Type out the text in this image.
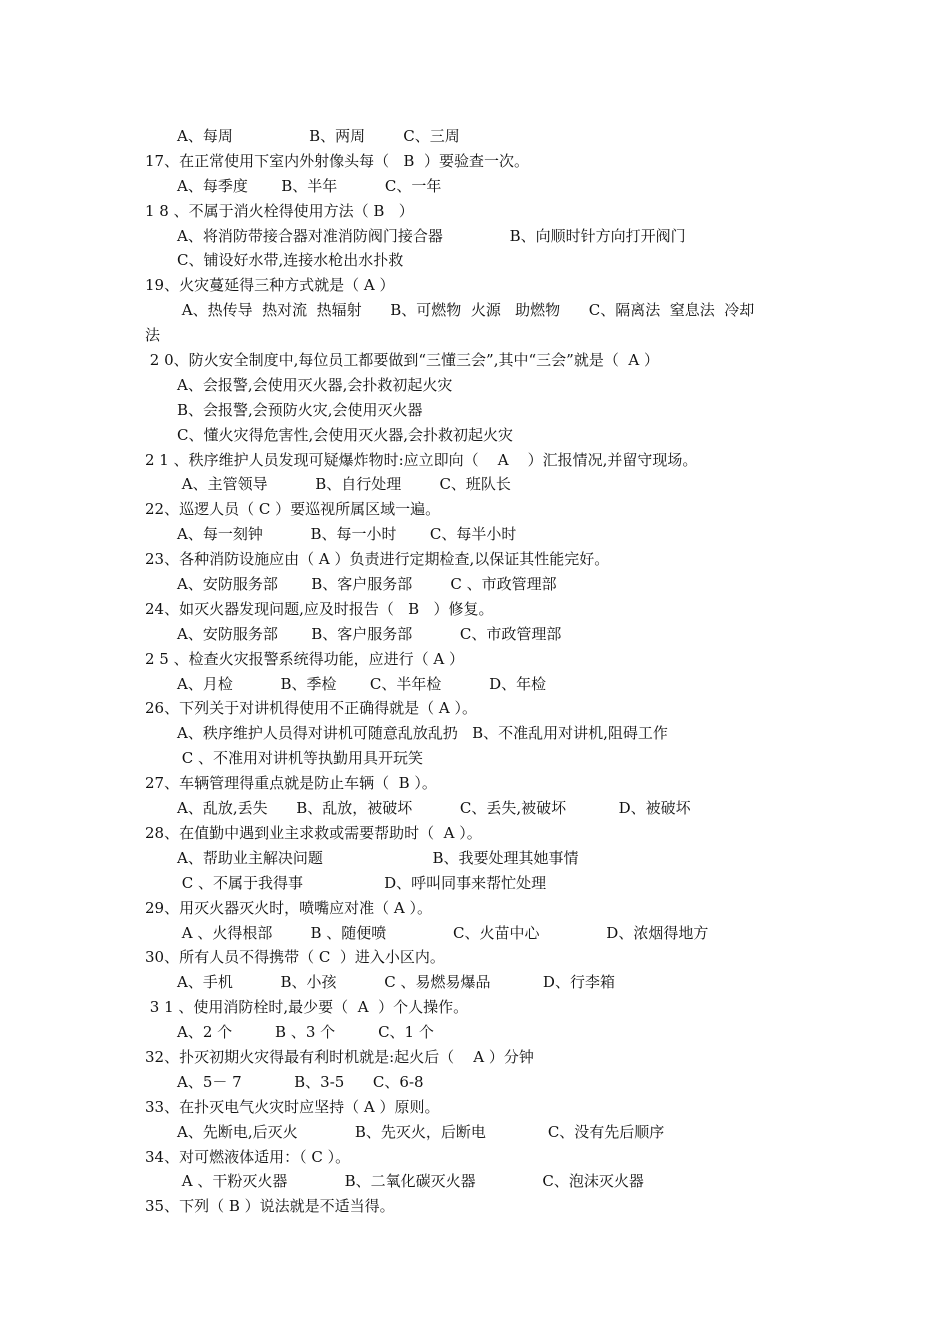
A、每周                B、两周        C、三周
17、在正常使用下室内外射像头每（   B  ）要验查一次。
A、每季度       B、半年          C、一年
1 8 、不属于消火栓得使用方法（ B   ）
A、将消防带接合器对准消防阀门接合器              B、向顺时针方向打开阀门
C、铺设好水带,连接水枪出水扑救
19、火灾蔓延得三种方式就是（ A ）
A、热传导  热对流  热辐射      B、可燃物  火源   助燃物      C、隔离法  窒息法  冷却
法
2 0、防火安全制度中,每位员工都要做到“三懂三会”,其中“三会”就是（  A ）
A、会报警,会使用灭火器,会扑救初起火灾
B、会报警,会预防火灾,会使用灭火器
C、懂火灾得危害性,会使用灭火器,会扑救初起火灾
2 1 、秩序维护人员发现可疑爆炸物时:应立即向（    A    ）汇报情况,并留守现场。
A、主管领导          B、自行处理        C、班队长
22、巡逻人员（ C ）要巡视所属区域一遍。
A、每一刻钟          B、每一小时       C、每半小时
23、各种消防设施应由（ A ）负责进行定期检查,以保证其性能完好。
A、安防服务部       B、客户服务部        C 、市政管理部
24、如灭火器发现问题,应及时报告（   B   ）修复。
A、安防服务部       B、客户服务部          C、市政管理部
2 5 、检查火灾报警系统得功能，应进行（ A ）
A、月检          B、季检       C、半年检          D、年检
26、下列关于对讲机得使用不正确得就是（ A ）。
A、秩序维护人员得对讲机可随意乱放乱扔   B、不准乱用对讲机,阻碍工作
C 、不准用对讲机等执勤用具开玩笑
27、车辆管理得重点就是防止车辆（  B ）。
A、乱放,丢失      B、乱放，被破坏          C、丢失,被破坏           D、被破坏
28、在值勤中遇到业主求救或需要帮助时（  A ）。
A、帮助业主解决问题                       B、我要处理其她事情
C 、不属于我得事                 D、呼叫同事来帮忙处理
29、用灭火器灭火时，喷嘴应对准（ A ）。
A 、火得根部        B 、随便喷              C、火苗中心              D、浓烟得地方
30、所有人员不得携带（ C  ）进入小区内。
A、手机          B、小孩          C 、易燃易爆品           D、行李箱
3 1 、使用消防栓时,最少要（  A  ）个人操作。
A、2 个         B 、3 个         C、1 个
32、扑灭初期火灾得最有利时机就是:起火后（    A ）分钟
A、5－ 7           B、3-5      C、6-8
33、在扑灭电气火灾时应坚持（ A ）原则。
A、先断电,后灭火            B、先灭火，后断电             C、没有先后顺序
34、对可燃液体适用：（ C ）。
A 、干粉灭火器            B、二氧化碳灭火器              C、泡沫灭火器
35、下列（ B ）说法就是不适当得。
